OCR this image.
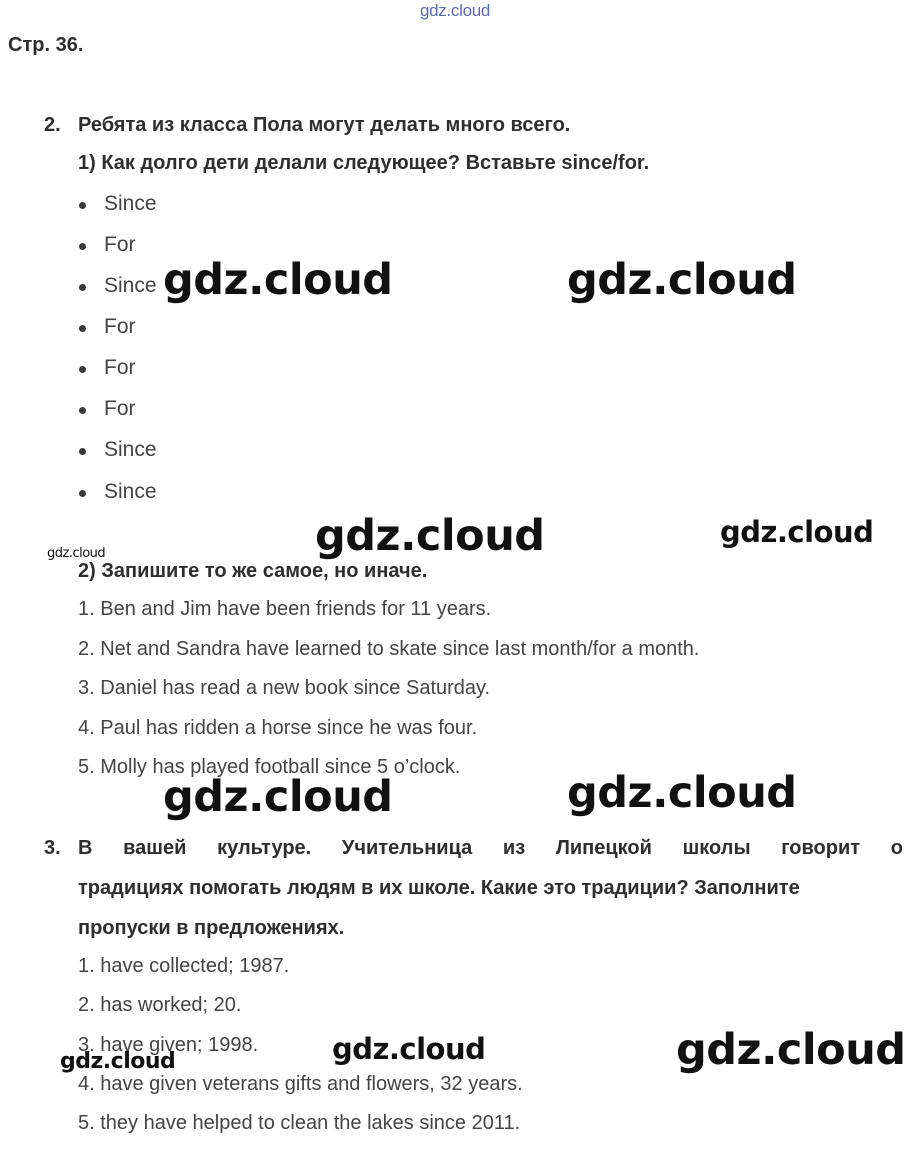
gdz.cloud
Стр. 36.
2. Ребята из класса Пола могут делать много всего.
1) Как долго дети делали следующее? Вставьте since/for.
Since
For
Since
For
For
For
Since
Since
2) Запишите то же самое, но иначе.
1. Ben and Jim have been friends for 11 years.
2. Net and Sandra have learned to skate since last month/for a month.
3. Daniel has read a new book since Saturday.
4. Paul has ridden a horse since he was four.
5. Molly has played football since 5 o’clock.
3. В вашей культуре. Учительница из Липецкой школы говорит о
традициях помогать людям в их школе. Какие это традиции? Заполните
пропуски в предложениях.
1. have collected; 1987.
2. has worked; 20.
3. have given; 1998.
4. have given veterans gifts and flowers, 32 years.
5. they have helped to clean the lakes since 2011.
gdz.cloud	gdz.cloud
gdz.cloud	gdz.cloud
gdz.cloud
gdz.cloud	gdz.cloud
gdz.cloud
gdz.cloud	gdz.cloud
